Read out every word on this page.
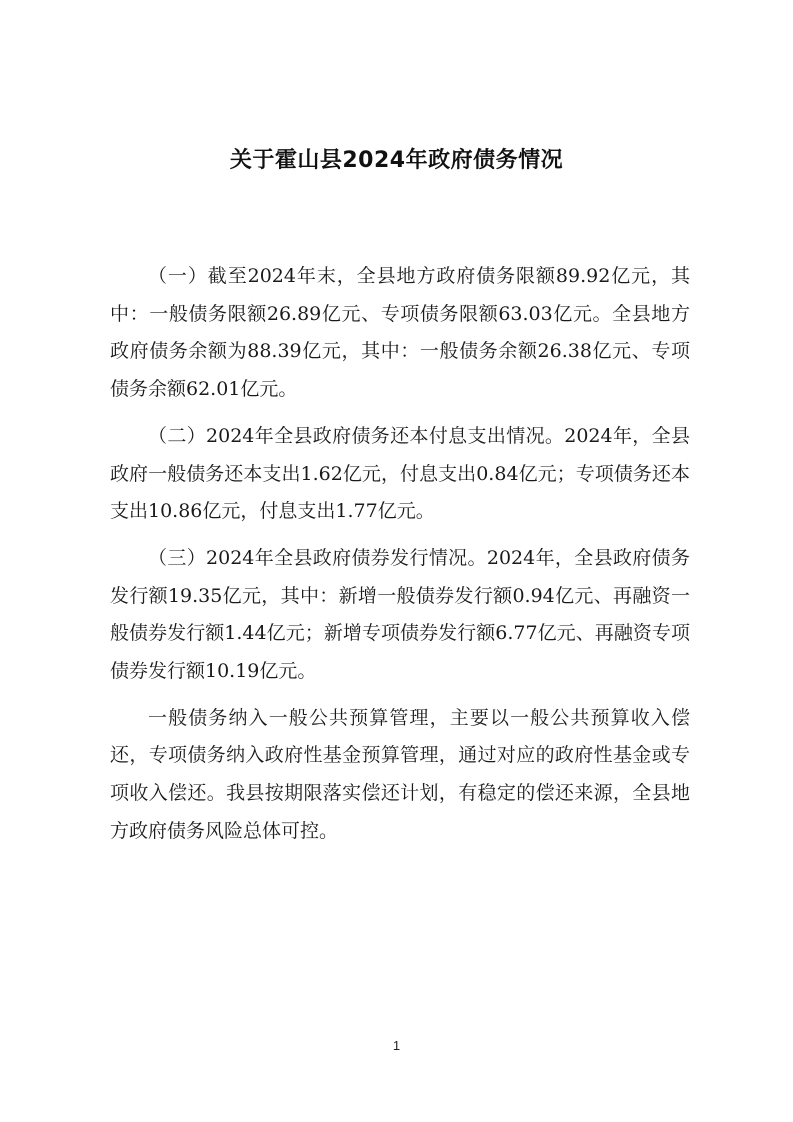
关于霍山县2024年政府债务情况

（一）截至2024年末，全县地方政府债务限额89.92亿元，其中：一般债务限额26.89亿元、专项债务限额63.03亿元。全县地方政府债务余额为88.39亿元，其中：一般债务余额26.38亿元、专项债务余额62.01亿元。

（二）2024年全县政府债务还本付息支出情况。2024年，全县政府一般债务还本支出1.62亿元，付息支出0.84亿元；专项债务还本支出10.86亿元，付息支出1.77亿元。

（三）2024年全县政府债券发行情况。2024年，全县政府债务发行额19.35亿元，其中：新增一般债券发行额0.94亿元、再融资一般债券发行额1.44亿元；新增专项债券发行额6.77亿元、再融资专项债券发行额10.19亿元。

一般债务纳入一般公共预算管理，主要以一般公共预算收入偿还，专项债务纳入政府性基金预算管理，通过对应的政府性基金或专项收入偿还。我县按期限落实偿还计划，有稳定的偿还来源，全县地方政府债务风险总体可控。

1
